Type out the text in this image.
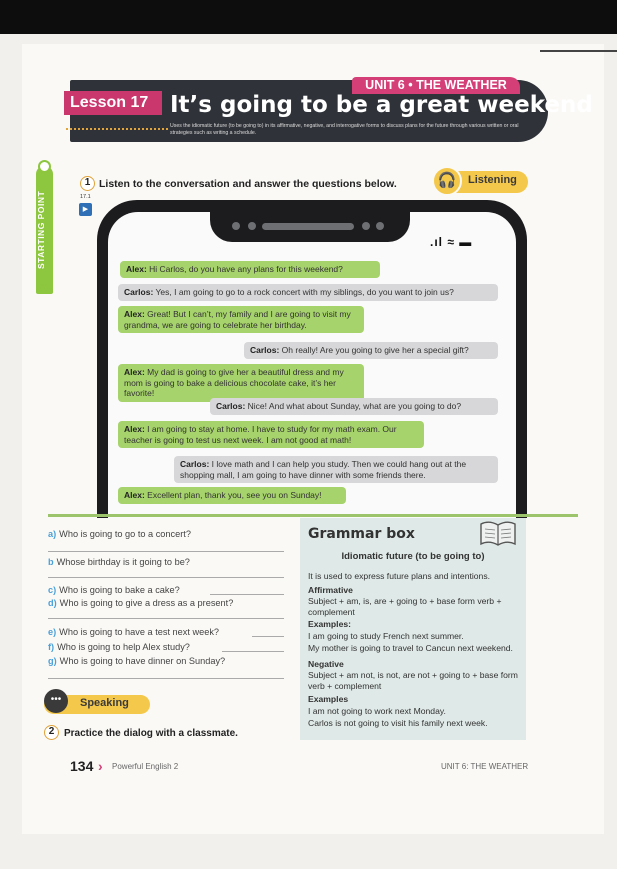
UNIT 6 • THE WEATHER
Lesson 17 It’s going to be a great weekend
Uses the idiomatic future (to be going to) in its affirmative, negative, and interrogative forms to discuss plans for the future through various written or oral strategies such as writing a schedule.
STARTING POINT
«
1 Listen to the conversation and answer the questions below.
17.1
▶
🎧	Listening
.ıl ≈ ▬
Alex: Hi Carlos, do you have any plans for this weekend?
Carlos: Yes, I am going to go to a rock concert with my siblings, do you want to join us?
Alex: Great! But I can’t, my family and I are going to visit my grandma, we are going to celebrate her birthday.
Carlos: Oh really! Are you going to give her a special gift?
Alex: My dad is going to give her a beautiful dress and my mom is going to bake a delicious chocolate cake, it’s her favorite!
Carlos: Nice! And what about Sunday, what are you going to do?
Alex: I am going to stay at home. I have to study for my math exam. Our teacher is going to test us next week. I am not good at math!
Carlos: I love math and I can help you study. Then we could hang out at the shopping mall, I am going to have dinner with some friends there.
Alex: Excellent plan, thank you, see you on Sunday!
a) Who is going to go to a concert?
b Whose birthday is it going to be?
c) Who is going to bake a cake?
d) Who is going to give a dress as a present?
e) Who is going to have a test next week?
f) Who is going to help Alex study?
g) Who is going to have dinner on Sunday?
Grammar box
Idiomatic future (to be going to)
It is used to express future plans and intentions.
Affirmative
Subject + am, is, are + going to + base form verb + complement
Examples:
I am going to study French next summer.
My mother is going to travel to Cancun next weekend.
Negative
Subject + am not, is not, are not + going to + base form verb + complement
Examples
I am not going to work next Monday.
Carlos is not going to visit his family next week.
•••	Speaking
2 Practice the dialog with a classmate.
134 › Powerful English 2	UNIT 6: THE WEATHER
